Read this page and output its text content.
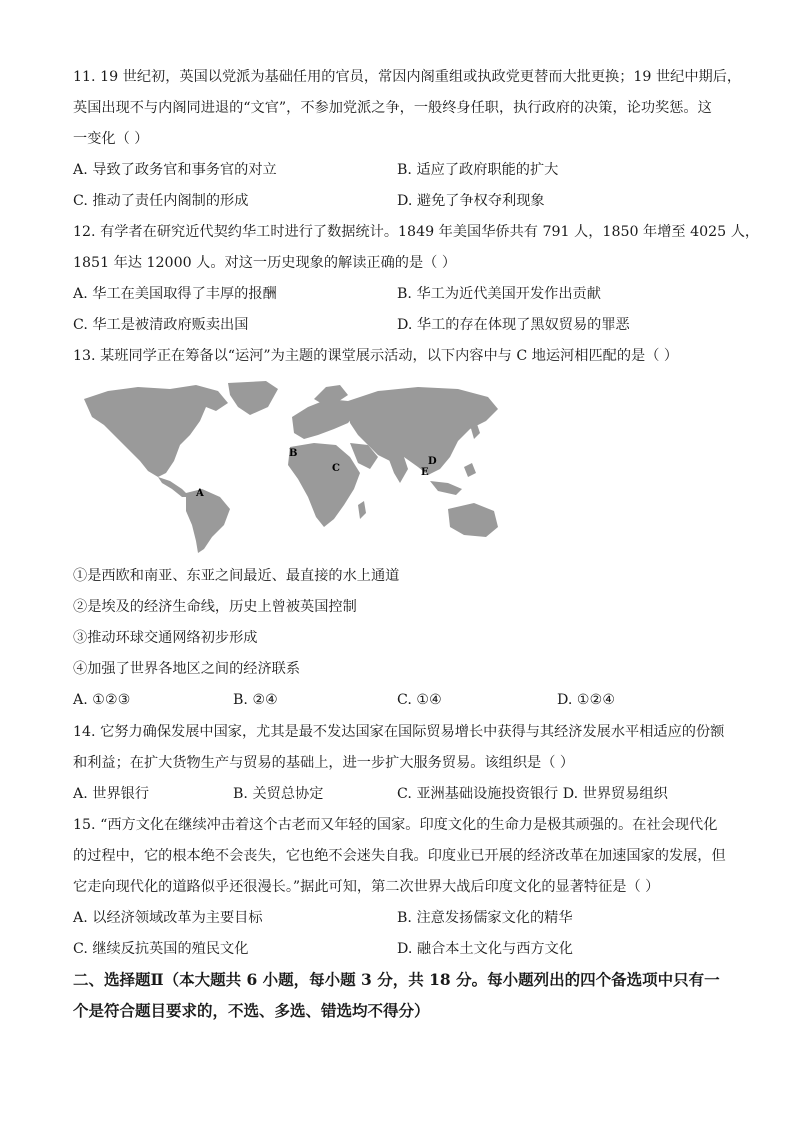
11. 19 世纪初，英国以党派为基础任用的官员，常因内阁重组或执政党更替而大批更换；19 世纪中期后，
英国出现不与内阁同进退的“文官”，不参加党派之争，一般终身任职，执行政府的决策，论功奖惩。这
一变化（ ）
A. 导致了政务官和事务官的对立	B. 适应了政府职能的扩大
C. 推动了责任内阁制的形成	D. 避免了争权夺利现象
12. 有学者在研究近代契约华工时进行了数据统计。1849 年美国华侨共有 791 人，1850 年增至 4025 人，
1851 年达 12000 人。对这一历史现象的解读正确的是（ ）
A. 华工在美国取得了丰厚的报酬	B. 华工为近代美国开发作出贡献
C. 华工是被清政府贩卖出国	D. 华工的存在体现了黑奴贸易的罪恶
13. 某班同学正在筹备以“运河”为主题的课堂展示活动，以下内容中与 C 地运河相匹配的是（ ）
A
B
C
D
E
①是西欧和南亚、东亚之间最近、最直接的水上通道
②是埃及的经济生命线，历史上曾被英国控制
③推动环球交通网络初步形成
④加强了世界各地区之间的经济联系
A. ①②③	B. ②④	C. ①④	D. ①②④
14. 它努力确保发展中国家，尤其是最不发达国家在国际贸易增长中获得与其经济发展水平相适应的份额
和利益；在扩大货物生产与贸易的基础上，进一步扩大服务贸易。该组织是（ ）
A. 世界银行	B. 关贸总协定	C. 亚洲基础设施投资银行 D. 世界贸易组织
15. “西方文化在继续冲击着这个古老而又年轻的国家。印度文化的生命力是极其顽强的。在社会现代化
的过程中，它的根本绝不会丧失，它也绝不会迷失自我。印度业已开展的经济改革在加速国家的发展，但
它走向现代化的道路似乎还很漫长。”据此可知，第二次世界大战后印度文化的显著特征是（ ）
A. 以经济领域改革为主要目标	B. 注意发扬儒家文化的精华
C. 继续反抗英国的殖民文化	D. 融合本土文化与西方文化
二、选择题Ⅱ（本大题共 6 小题，每小题 3 分，共 18 分。每小题列出的四个备选项中只有一
个是符合题目要求的，不选、多选、错选均不得分）
